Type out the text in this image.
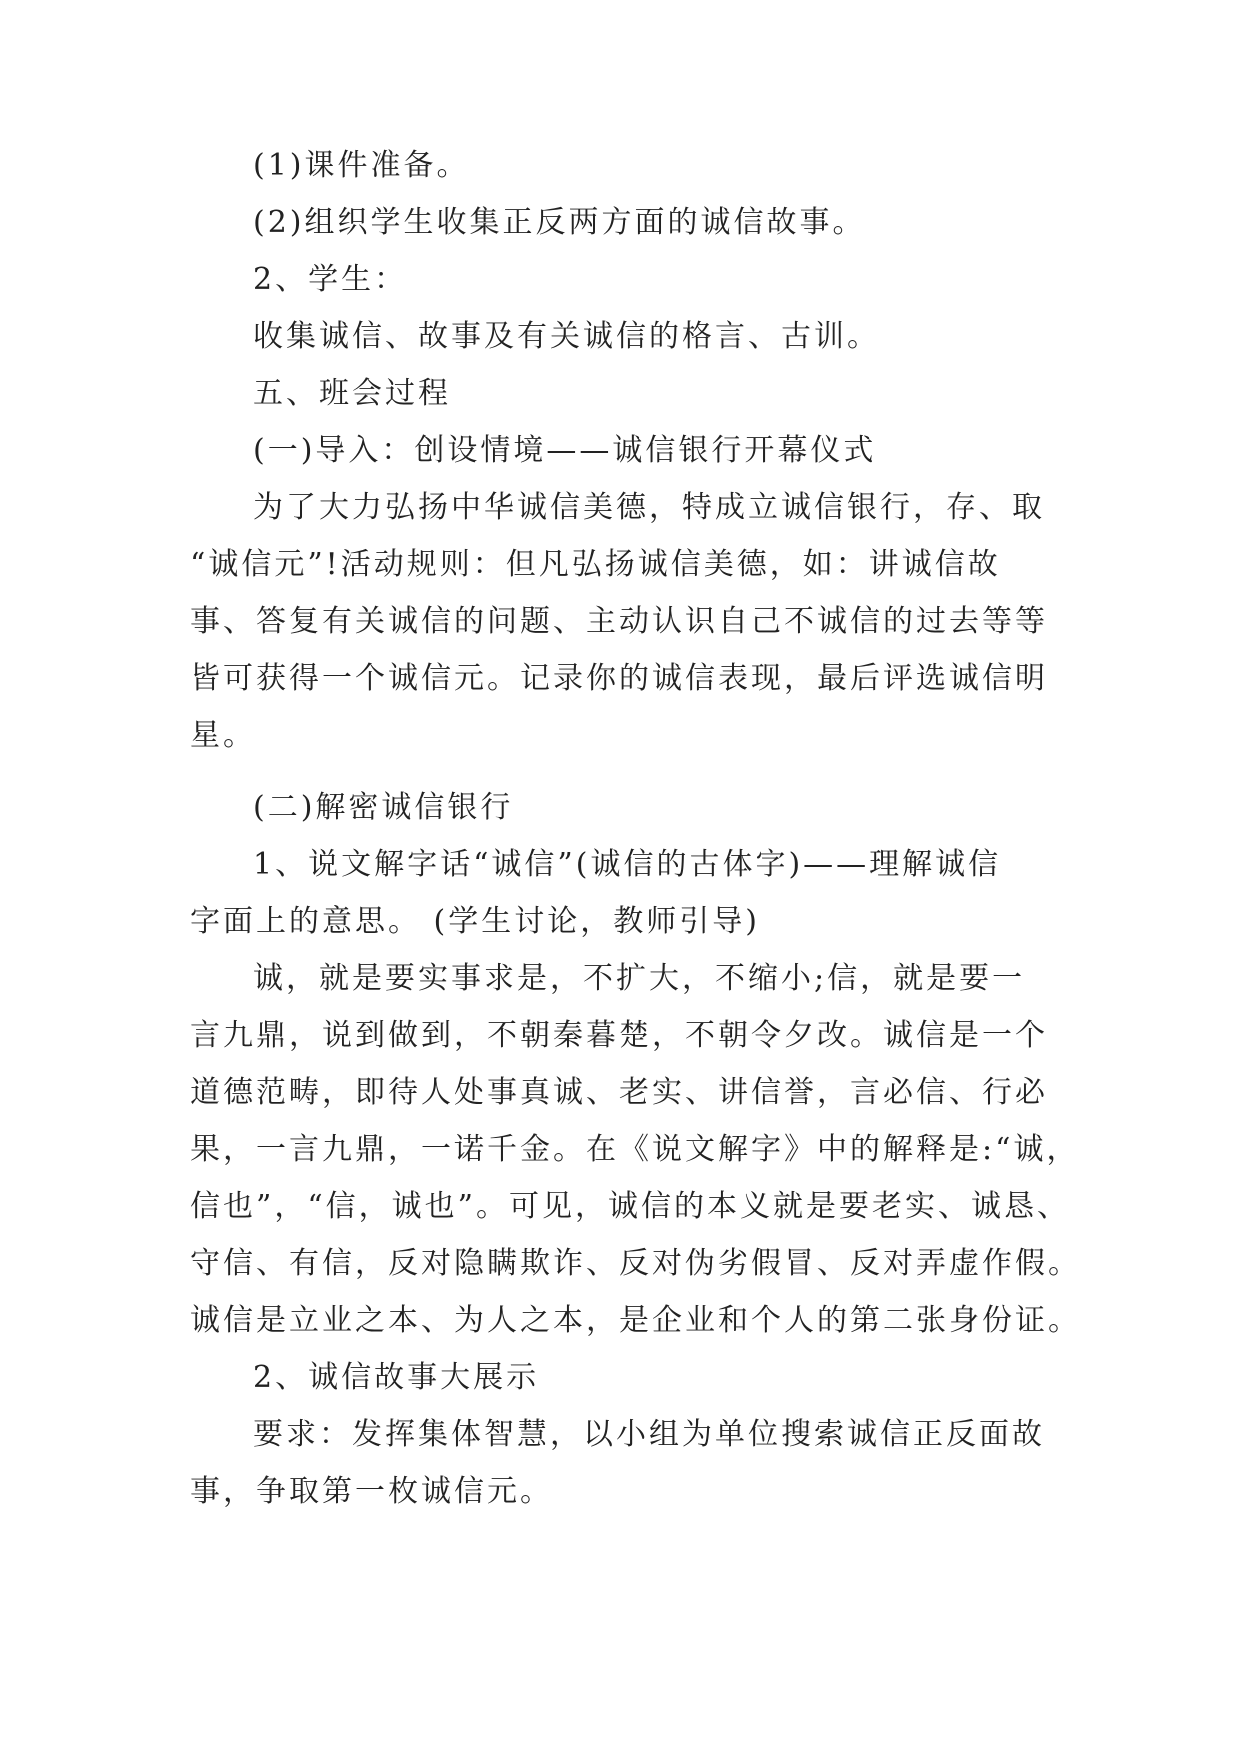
(1)课件准备。
(2)组织学生收集正反两方面的诚信故事。
2、学生：
收集诚信、故事及有关诚信的格言、古训。
五、班会过程
(一)导入：创设情境——诚信银行开幕仪式
为了大力弘扬中华诚信美德，特成立诚信银行，存、取
“诚信元”!活动规则：但凡弘扬诚信美德，如：讲诚信故
事、答复有关诚信的问题、主动认识自己不诚信的过去等等
皆可获得一个诚信元。记录你的诚信表现，最后评选诚信明
星。
(二)解密诚信银行
1、说文解字话“诚信”(诚信的古体字)——理解诚信
字面上的意思。 (学生讨论，教师引导)
诚，就是要实事求是，不扩大，不缩小;信，就是要一
言九鼎，说到做到，不朝秦暮楚，不朝令夕改。诚信是一个
道德范畴，即待人处事真诚、老实、讲信誉，言必信、行必
果，一言九鼎，一诺千金。在《说文解字》中的解释是:“诚，
信也”，“信，诚也”。可见，诚信的本义就是要老实、诚恳、
守信、有信，反对隐瞒欺诈、反对伪劣假冒、反对弄虚作假。
诚信是立业之本、为人之本，是企业和个人的第二张身份证。
2、诚信故事大展示
要求：发挥集体智慧，以小组为单位搜索诚信正反面故
事，争取第一枚诚信元。
